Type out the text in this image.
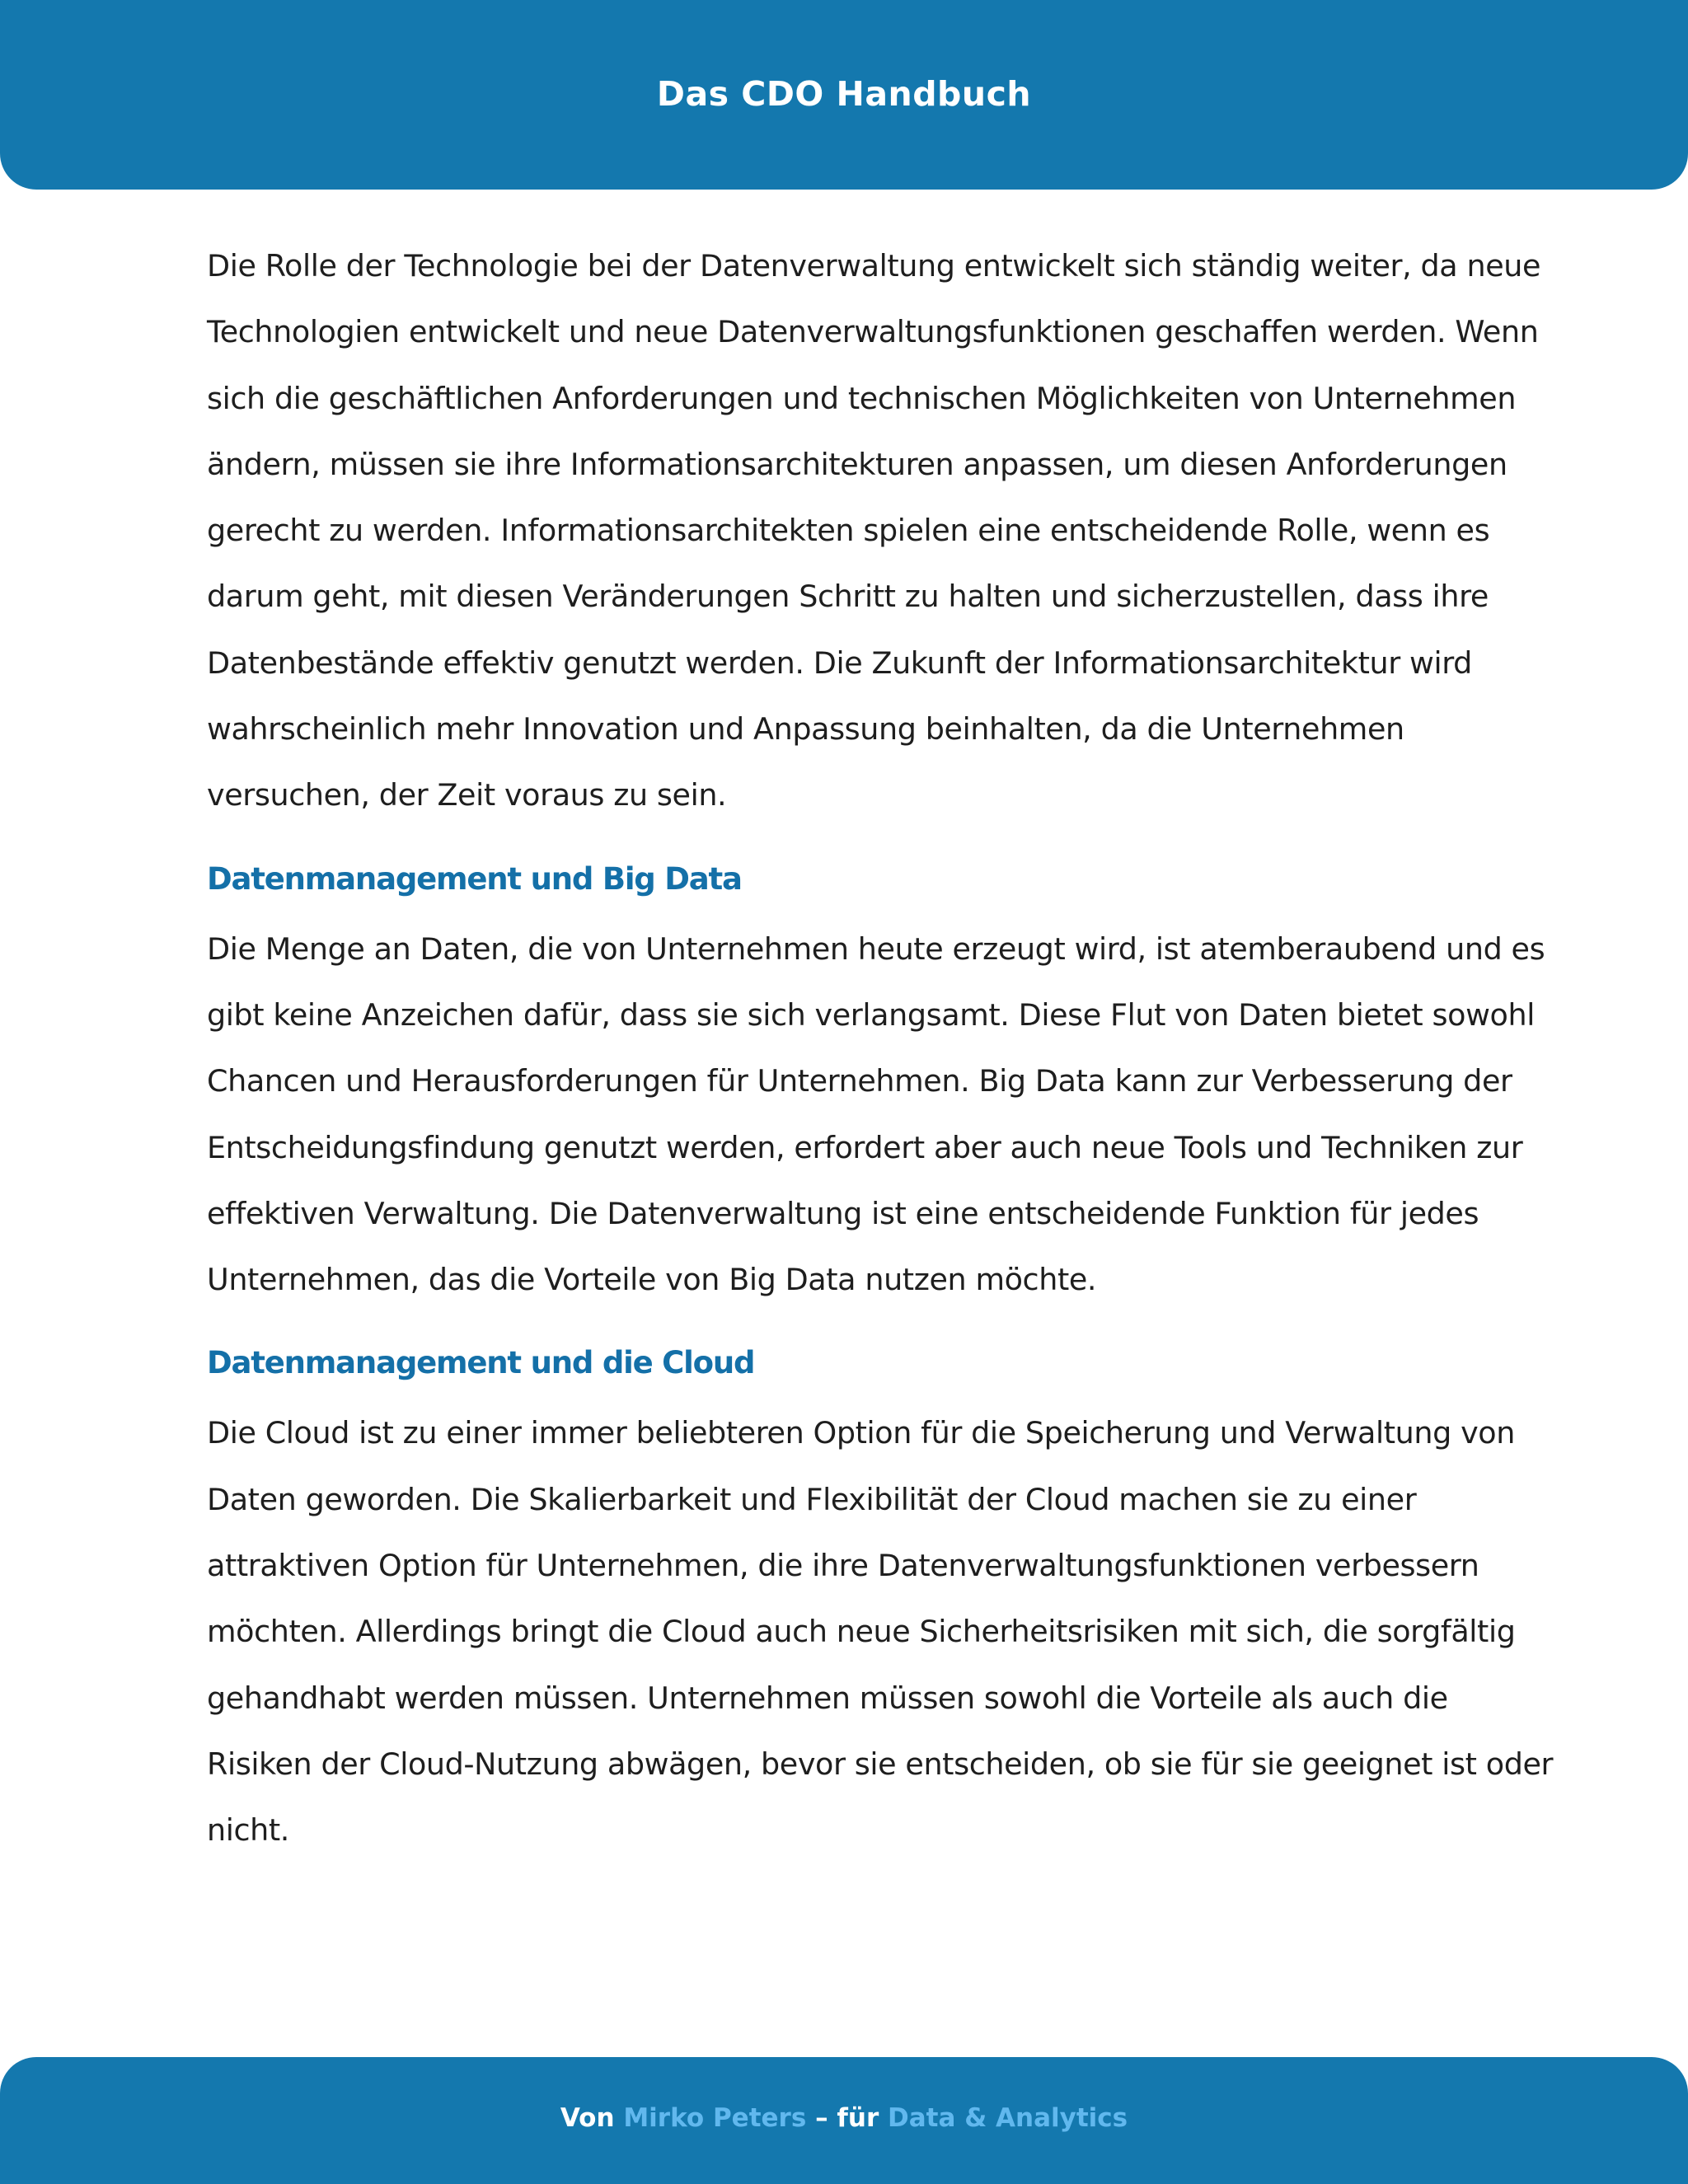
Das CDO Handbuch

Die Rolle der Technologie bei der Datenverwaltung entwickelt sich ständig weiter, da neue
Technologien entwickelt und neue Datenverwaltungsfunktionen geschaffen werden. Wenn
sich die geschäftlichen Anforderungen und technischen Möglichkeiten von Unternehmen
ändern, müssen sie ihre Informationsarchitekturen anpassen, um diesen Anforderungen
gerecht zu werden. Informationsarchitekten spielen eine entscheidende Rolle, wenn es
darum geht, mit diesen Veränderungen Schritt zu halten und sicherzustellen, dass ihre
Datenbestände effektiv genutzt werden. Die Zukunft der Informationsarchitektur wird
wahrscheinlich mehr Innovation und Anpassung beinhalten, da die Unternehmen
versuchen, der Zeit voraus zu sein.

Datenmanagement und Big Data

Die Menge an Daten, die von Unternehmen heute erzeugt wird, ist atemberaubend und es
gibt keine Anzeichen dafür, dass sie sich verlangsamt. Diese Flut von Daten bietet sowohl
Chancen und Herausforderungen für Unternehmen. Big Data kann zur Verbesserung der
Entscheidungsfindung genutzt werden, erfordert aber auch neue Tools und Techniken zur
effektiven Verwaltung. Die Datenverwaltung ist eine entscheidende Funktion für jedes
Unternehmen, das die Vorteile von Big Data nutzen möchte.

Datenmanagement und die Cloud

Die Cloud ist zu einer immer beliebteren Option für die Speicherung und Verwaltung von
Daten geworden. Die Skalierbarkeit und Flexibilität der Cloud machen sie zu einer
attraktiven Option für Unternehmen, die ihre Datenverwaltungsfunktionen verbessern
möchten. Allerdings bringt die Cloud auch neue Sicherheitsrisiken mit sich, die sorgfältig
gehandhabt werden müssen. Unternehmen müssen sowohl die Vorteile als auch die
Risiken der Cloud-Nutzung abwägen, bevor sie entscheiden, ob sie für sie geeignet ist oder
nicht.

Von Mirko Peters – für Data & Analytics
